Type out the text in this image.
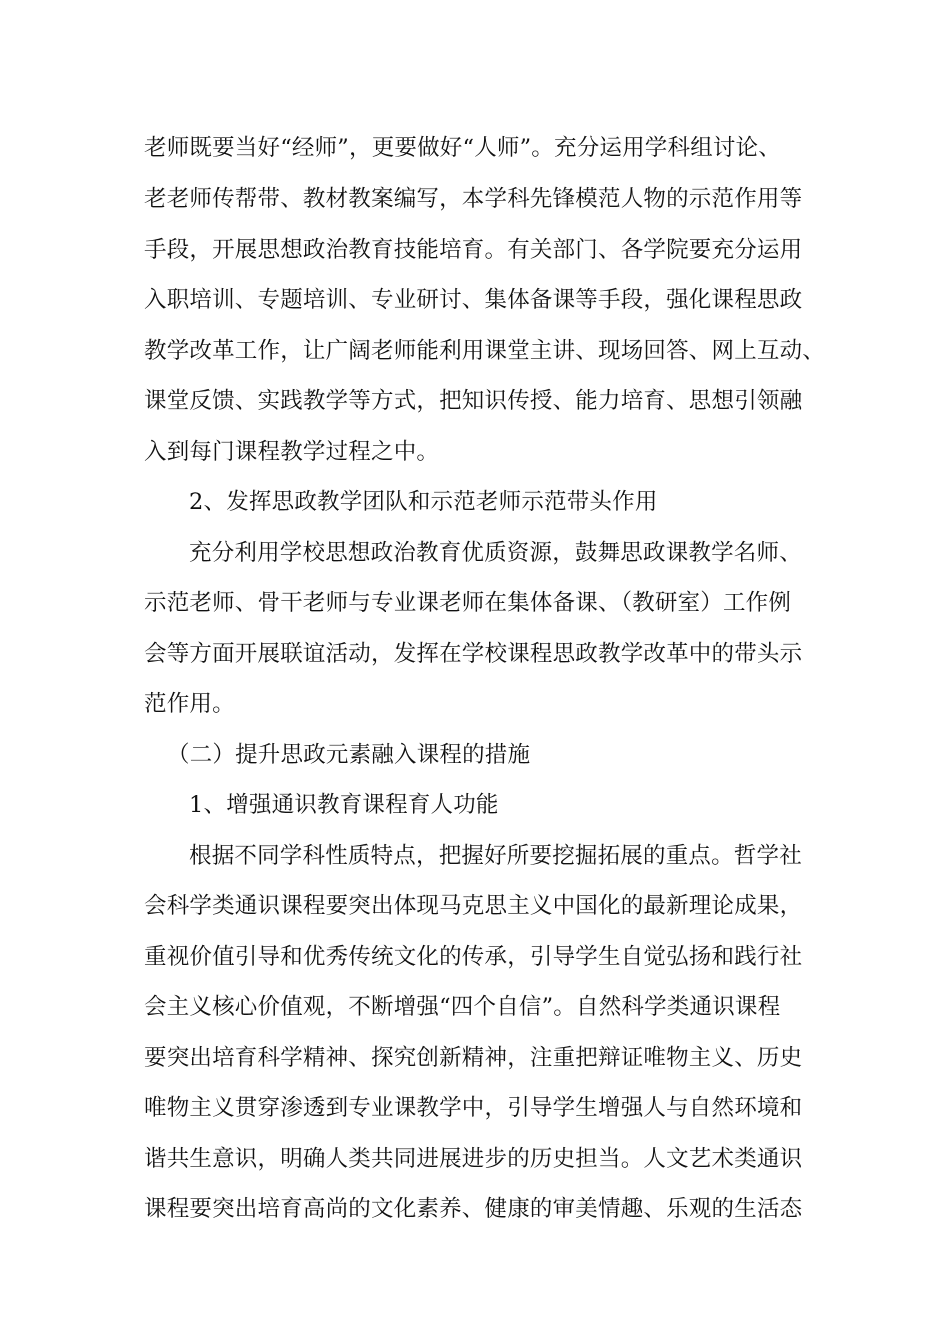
老师既要当好“经师”，更要做好“人师”。充分运用学科组讨论、
老老师传帮带、教材教案编写，本学科先锋模范人物的示范作用等
手段，开展思想政治教育技能培育。有关部门、各学院要充分运用
入职培训、专题培训、专业研讨、集体备课等手段，强化课程思政
教学改革工作，让广阔老师能利用课堂主讲、现场回答、网上互动、
课堂反馈、实践教学等方式，把知识传授、能力培育、思想引领融
入到每门课程教学过程之中。
2、发挥思政教学团队和示范老师示范带头作用
充分利用学校思想政治教育优质资源，鼓舞思政课教学名师、
示范老师、骨干老师与专业课老师在集体备课、（教研室）工作例
会等方面开展联谊活动，发挥在学校课程思政教学改革中的带头示
范作用。
（二）提升思政元素融入课程的措施
1、增强通识教育课程育人功能
根据不同学科性质特点，把握好所要挖掘拓展的重点。哲学社
会科学类通识课程要突出体现马克思主义中国化的最新理论成果，
重视价值引导和优秀传统文化的传承，引导学生自觉弘扬和践行社
会主义核心价值观，不断增强“四个自信”。自然科学类通识课程
要突出培育科学精神、探究创新精神，注重把辩证唯物主义、历史
唯物主义贯穿渗透到专业课教学中，引导学生增强人与自然环境和
谐共生意识，明确人类共同进展进步的历史担当。人文艺术类通识
课程要突出培育高尚的文化素养、健康的审美情趣、乐观的生活态
